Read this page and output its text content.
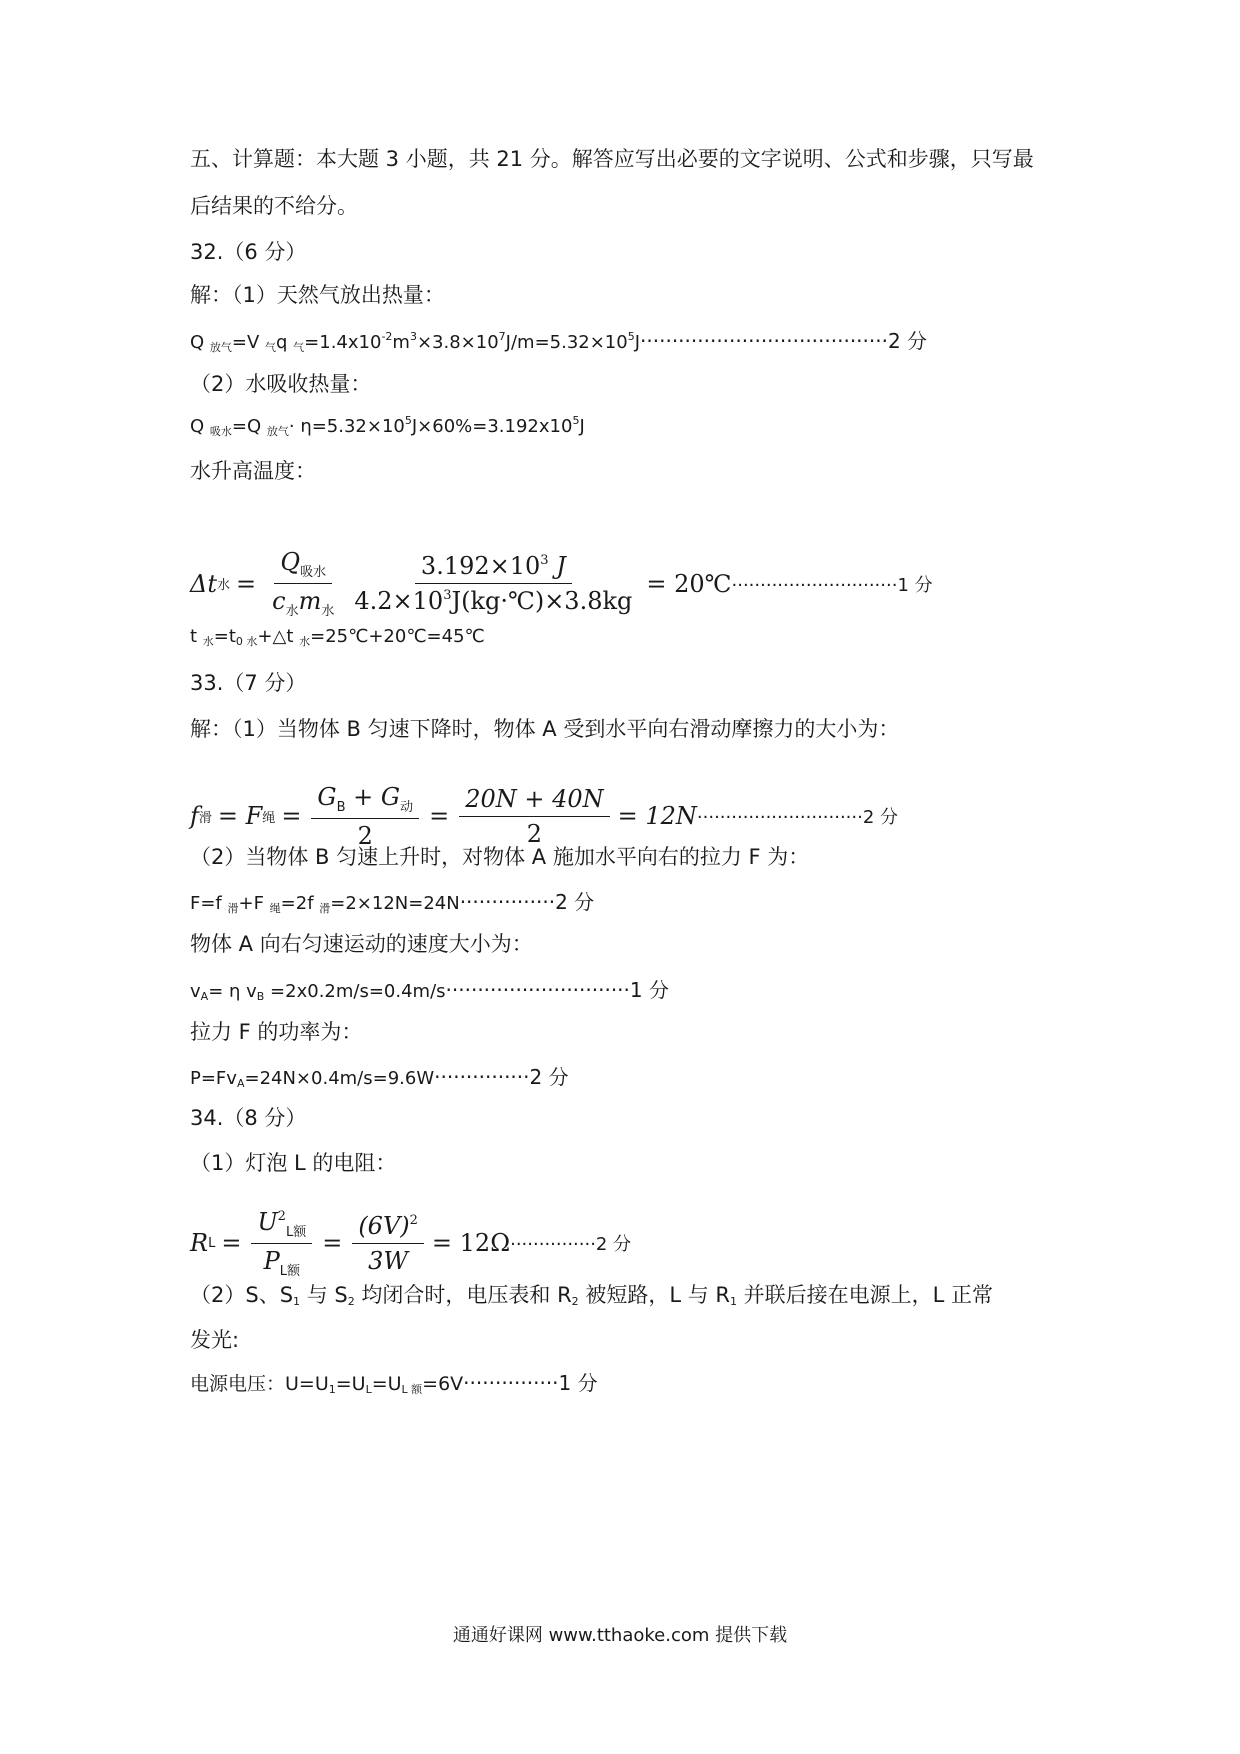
五、计算题：本大题 3 小题，共 21 分。解答应写出必要的文字说明、公式和步骤，只写最
后结果的不给分。
32.（6 分）
解：（1）天然气放出热量：
Q $_{放气}$=V $_气$q $_气=1.4x10^{-2}m^3\times 3.8\times 10^7J/m=5.32\times 10^5J\cdot\cdot\cdot\cdot\cdot\cdot\cdot\cdot\cdot\cdot\cdot\cdot\cdot\cdot\cdot\cdot\cdot\cdot\cdot\cdot\cdot\cdot\cdot\cdot\cdot\cdot\cdot\cdot\cdot\cdot\cdot\cdot\cdot\cdot\cdot\cdot\cdot\cdot\cdot 2$ 分
（2）水吸收热量：
Q $_{吸水}$=Q $_{放气}\cdot \eta=5.32\times 10^5J\times 60\%=3.192x10^5J$
水升高温度：
Δt 水 = $\frac{Q_{吸水}}{c_水m_水} \frac{3.192\times 10^3 J}{4.2\times 10^3J(kg\cdot℃)\times 3.8kg}$ = 20℃ ·····························1 分
t $_水=t_{0 水}+\triangle t$ $_水$=25℃+20℃=45℃
33.（7 分）
解：（1）当物体 B 匀速下降时，物体 A 受到水平向右滑动摩擦力的大小为：
f 滑 = F 绳 = $\frac{G_B + G_动}{2} = \frac{20N + 40N}{2} = 12N \cdot\cdot\cdot\cdot\cdot\cdot\cdot\cdot\cdot\cdot\cdot\cdot\cdot\cdot\cdot\cdot\cdot\cdot\cdot\cdot\cdot\cdot\cdot\cdot\cdot\cdot\cdot\cdot\cdot 2$ 分
（2）当物体 B 匀速上升时，对物体 A 施加水平向右的拉力 F 为：
F=f $_滑$+F $_绳$=2f $_滑$=2×12N=24N···············2 分
物体 A 向右匀速运动的速度大小为：
$v_A= \eta$ $v_B =2x0.2m/s=0.4m/s\cdot\cdot\cdot\cdot\cdot\cdot\cdot\cdot\cdot\cdot\cdot\cdot\cdot\cdot\cdot\cdot\cdot\cdot\cdot\cdot\cdot\cdot\cdot\cdot\cdot\cdot\cdot\cdot\cdot 1$ 分
拉力 F 的功率为：
$P=Fv_A=24N\times 0.4m/s=9.6W\cdot\cdot\cdot\cdot\cdot\cdot\cdot\cdot\cdot\cdot\cdot\cdot\cdot\cdot\cdot 2$ 分
34.（8 分）
（1）灯泡 L 的电阻：
R $L = \frac{U^2_{L额}}{P_{L额}} = \frac{(6V)^2}{3W} = 12\Omega \cdot\cdot\cdot\cdot\cdot\cdot\cdot\cdot\cdot\cdot\cdot\cdot\cdot\cdot\cdot 2$ 分
（2）S、$S_1$ 与 $S_2$ 均闭合时，电压表和 $R_2$ 被短路，L 与 $R_1$ 并联后接在电源上，L 正常
发光:
电源电压：$U=U_1=U_L=U_{L 额}=6V\cdot\cdot\cdot\cdot\cdot\cdot\cdot\cdot\cdot\cdot\cdot\cdot\cdot\cdot\cdot 1$ 分
通通好课网 www.tthaoke.com 提供下载
